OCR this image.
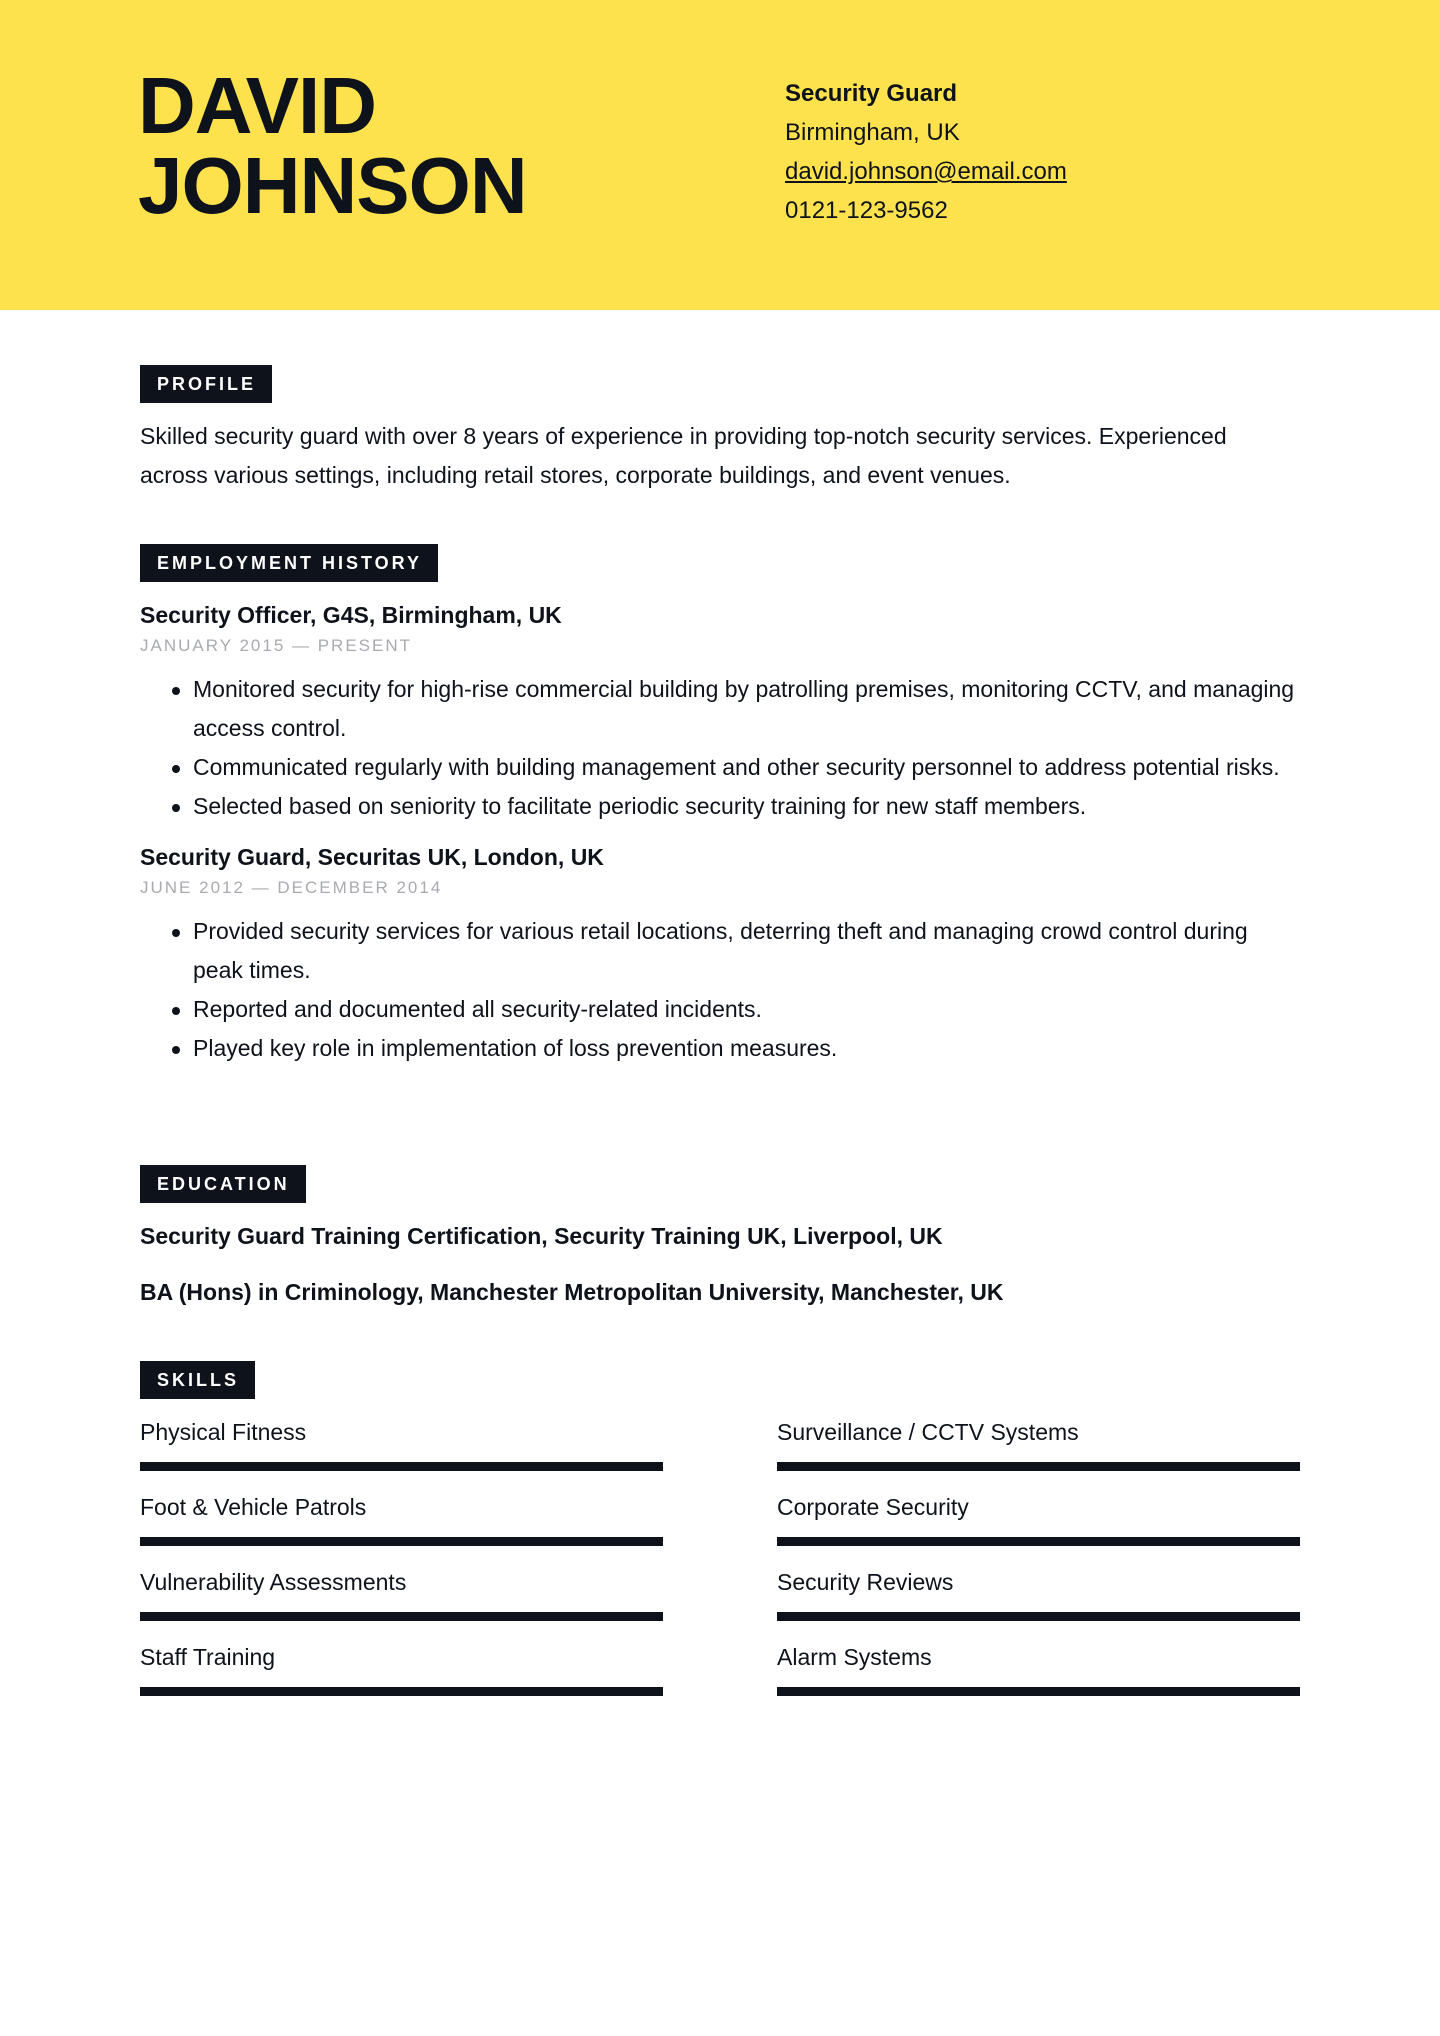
DAVID
JOHNSON
Security Guard
Birmingham, UK
david.johnson@email.com
0121-123-9562
PROFILE
Skilled security guard with over 8 years of experience in providing top-notch security services. Experienced across various settings, including retail stores, corporate buildings, and event venues.
EMPLOYMENT HISTORY
Security Officer, G4S, Birmingham, UK
JANUARY 2015 — PRESENT
Monitored security for high-rise commercial building by patrolling premises, monitoring CCTV, and managing access control.
Communicated regularly with building management and other security personnel to address potential risks.
Selected based on seniority to facilitate periodic security training for new staff members.
Security Guard, Securitas UK, London, UK
JUNE 2012 — DECEMBER 2014
Provided security services for various retail locations, deterring theft and managing crowd control during peak times.
Reported and documented all security-related incidents.
Played key role in implementation of loss prevention measures.
EDUCATION
Security Guard Training Certification, Security Training UK, Liverpool, UK
BA (Hons) in Criminology, Manchester Metropolitan University, Manchester, UK
SKILLS
Physical Fitness	Surveillance / CCTV Systems
Foot & Vehicle Patrols	Corporate Security
Vulnerability Assessments	Security Reviews
Staff Training	Alarm Systems
